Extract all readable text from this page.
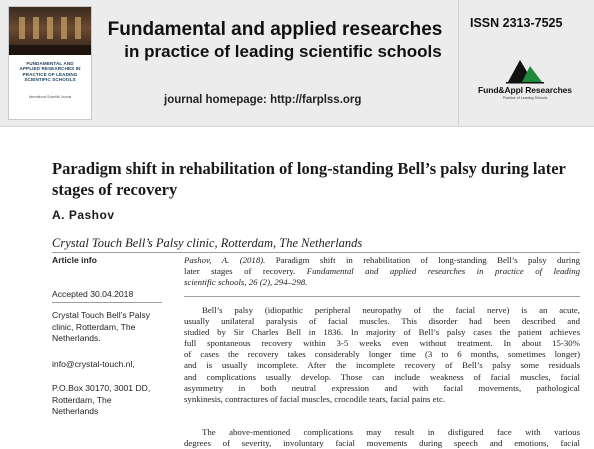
FUNDAMENTAL AND
APPLIED RESEARCHES IN
PRACTICE OF LEADING
SCIENTIFIC SCHOOLS
International Scientific Journal
Fundamental and applied researches
in practice of leading scientific schools
journal homepage: http://farplss.org
ISSN 2313-7525
Fund&Appl Researches
Practice of Leading Schools
Paradigm shift in rehabilitation of long-standing Bell’s palsy during later stages of recovery
A. Pashov
Crystal Touch Bell’s Palsy clinic, Rotterdam, The Netherlands
Article info
Accepted 30.04.2018
Crystal Touch Bell’s Palsy
clinic, Rotterdam, The
Netherlands.
info@crystal-touch.nl,
P.O.Box 30170, 3001 DD,
Rotterdam, The
Netherlands
Pashov, A. (2018). Paradigm shift in rehabilitation of long-standing Bell’s palsy during
later stages of recovery. Fundamental and applied researches in practice of leading
scientific schools, 26 (2), 294–298.
Bell’s palsy (idiopathic peripheral neuropathy of the facial nerve) is an acute,
usually unilateral paralysis of facial muscles. This disorder had been described and
studied by Sir Charles Bell in 1836. In majority of Bell’s palsy cases the patient achieves
full spontaneous recovery within 3-5 weeks even without treatment. In about 15-30%
of cases the recovery takes considerably longer time (3 to 6 months, sometimes longer)
and is usually incomplete. After the incomplete recovery of Bell’s palsy some residuals
and complications usually develop. Those can include weakness of facial muscles, facial
asymmetry in both neutral expression and with facial movements, pathological
synkinesis, contractures of facial muscles, crocodile tears, facial pains etc.
The above-mentioned complications may result in disfigured face with various
degrees of severity, involuntary facial movements during speech and emotions, facial
